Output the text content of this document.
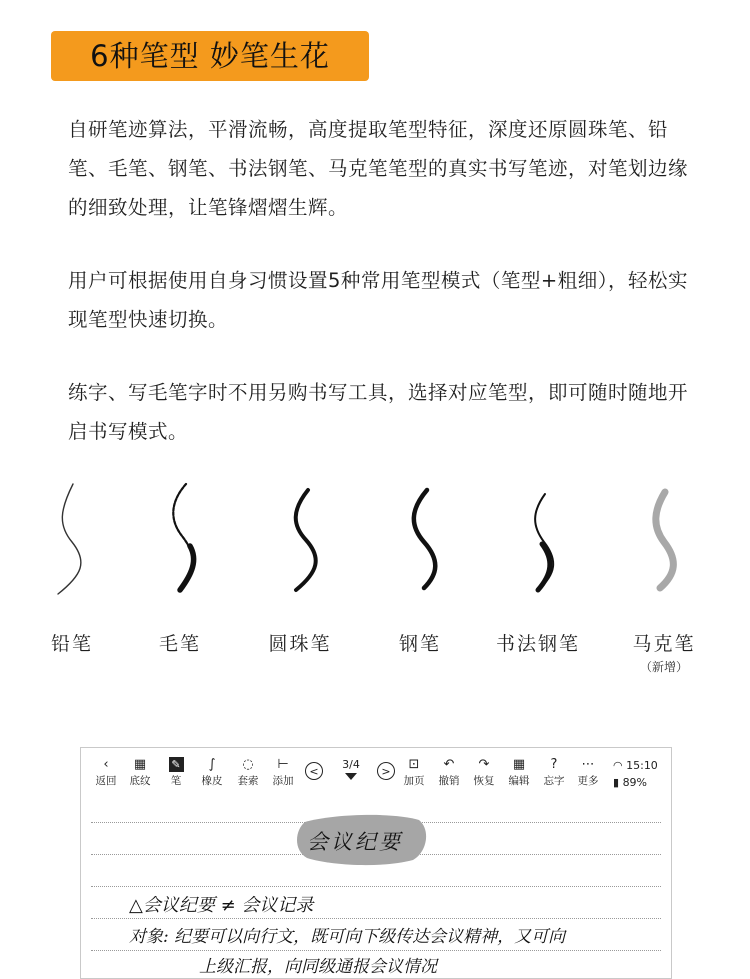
6种笔型 妙笔生花
自研笔迹算法，平滑流畅，高度提取笔型特征，深度还原圆珠笔、铅笔、毛笔、钢笔、书法钢笔、马克笔笔型的真实书写笔迹，对笔划边缘的细致处理，让笔锋熠熠生辉。
用户可根据使用自身习惯设置5种常用笔型模式（笔型+粗细），轻松实现笔型快速切换。
练字、写毛笔字时不用另购书写工具，选择对应笔型，即可随时随地开启书写模式。
铅笔	毛笔	圆珠笔	钢笔	书法钢笔	马克笔
（新增）
‹
返回
▦
底纹
✎
笔
∫
橡皮
◌
套索
⊢
添加
<
3/4
>	⊡
加页
↶
撤销
↷
恢复
▦
编辑
?
忘字
⋯
更多
◠ 15:10
▮ 89%
会议纪要
△会议纪要 ≠ 会议记录
对象: 纪要可以向行文，既可向下级传达会议精神，又可向
上级汇报，向同级通报会议情况
